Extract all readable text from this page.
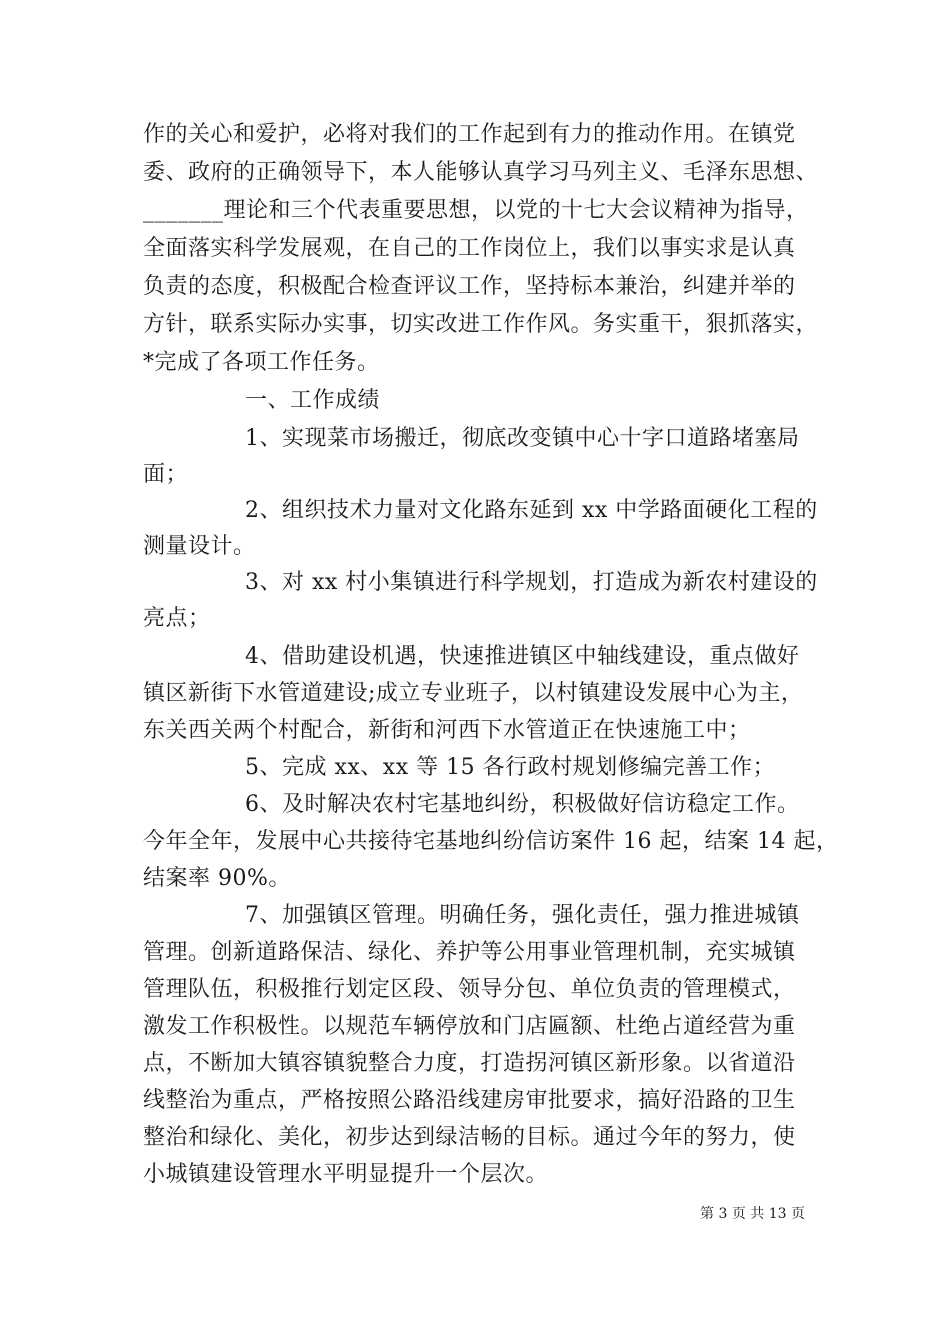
作的关心和爱护，必将对我们的工作起到有力的推动作用。在镇党
委、政府的正确领导下，本人能够认真学习马列主义、毛泽东思想、
_______理论和三个代表重要思想，以党的十七大会议精神为指导，
全面落实科学发展观，在自己的工作岗位上，我们以事实求是认真
负责的态度，积极配合检查评议工作，坚持标本兼治，纠建并举的
方针，联系实际办实事，切实改进工作作风。务实重干，狠抓落实，
*完成了各项工作任务。
一、工作成绩
1、实现菜市场搬迁，彻底改变镇中心十字口道路堵塞局
面；
2、组织技术力量对文化路东延到 xx 中学路面硬化工程的
测量设计。
3、对 xx 村小集镇进行科学规划，打造成为新农村建设的
亮点；
4、借助建设机遇，快速推进镇区中轴线建设，重点做好
镇区新街下水管道建设;成立专业班子，以村镇建设发展中心为主，
东关西关两个村配合，新街和河西下水管道正在快速施工中；
5、完成 xx、xx 等 15 各行政村规划修编完善工作；
6、及时解决农村宅基地纠纷，积极做好信访稳定工作。
今年全年，发展中心共接待宅基地纠纷信访案件 16 起，结案 14 起，
结案率 90%。
7、加强镇区管理。明确任务，强化责任，强力推进城镇
管理。创新道路保洁、绿化、养护等公用事业管理机制，充实城镇
管理队伍，积极推行划定区段、领导分包、单位负责的管理模式，
激发工作积极性。以规范车辆停放和门店匾额、杜绝占道经营为重
点，不断加大镇容镇貌整合力度，打造拐河镇区新形象。以省道沿
线整治为重点，严格按照公路沿线建房审批要求，搞好沿路的卫生
整治和绿化、美化，初步达到绿洁畅的目标。通过今年的努力，使
小城镇建设管理水平明显提升一个层次。
第 3 页 共 13 页
